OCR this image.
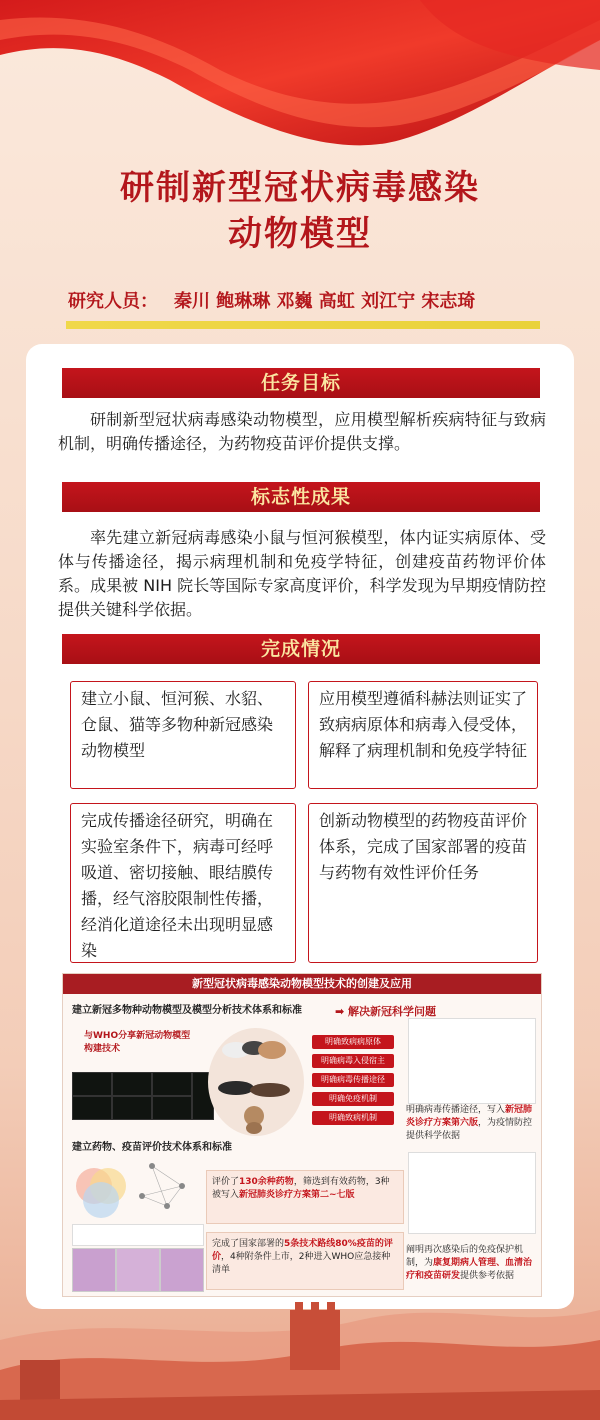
研制新型冠状病毒感染
动物模型
研究人员： 秦川 鲍琳琳 邓巍 高虹 刘江宁 宋志琦
任务目标
研制新型冠状病毒感染动物模型，应用模型解析疾病特征与致病机制，明确传播途径，为药物疫苗评价提供支撑。
标志性成果
率先建立新冠病毒感染小鼠与恒河猴模型，体内证实病原体、受体与传播途径，揭示病理机制和免疫学特征，创建疫苗药物评价体系。成果被 NIH 院长等国际专家高度评价，科学发现为早期疫情防控提供关键科学依据。
完成情况
建立小鼠、恒河猴、水貂、仓鼠、猫等多物种新冠感染动物模型
应用模型遵循科赫法则证实了致病病原体和病毒入侵受体，解释了病理机制和免疫学特征
完成传播途径研究，明确在实验室条件下，病毒可经呼吸道、密切接触、眼结膜传播，经气溶胶限制性传播，经消化道途径未出现明显感染
创新动物模型的药物疫苗评价体系，完成了国家部署的疫苗与药物有效性评价任务
新型冠状病毒感染动物模型技术的创建及应用
建立新冠多物种动物模型及模型分析技术体系和标准	➡ 解决新冠科学问题
与WHO分享新冠动物模型构建技术
明确致病病原体
明确病毒入侵宿主
明确病毒传播途径
明确免疫机制
明确致病机制
明确病毒传播途径，写入新冠肺炎诊疗方案第六版，为疫情防控提供科学依据
建立药物、疫苗评价技术体系和标准
评价了130余种药物，筛选到有效药物，3种被写入新冠肺炎诊疗方案第二~七版
完成了国家部署的5条技术路线80%疫苗的评价，4种附条件上市，2种进入WHO应急接种清单
阐明再次感染后的免疫保护机制，为康复期病人管理、血清治疗和疫苗研发提供参考依据
